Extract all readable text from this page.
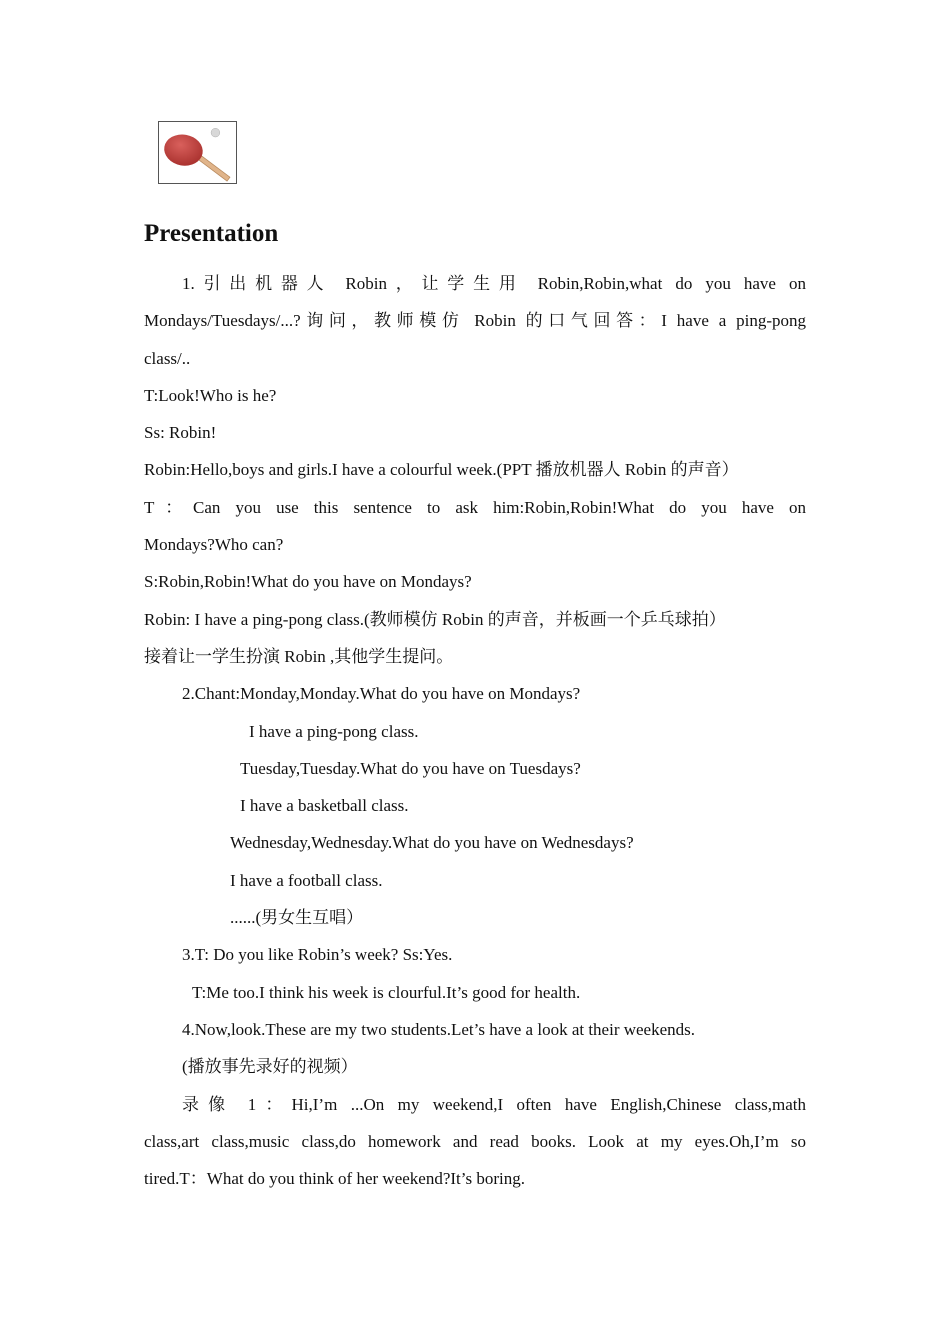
Presentation
1.引出机器人 Robin，让学生用 Robin,Robin,what do you have on
Mondays/Tuesdays/...?询问，教师模仿 Robin 的口气回答：I have a ping-pong
class/..
T:Look!Who is he?
Ss: Robin!
Robin:Hello,boys and girls.I have a colourful week.(PPT 播放机器人 Robin 的声音）
T：Can you use this sentence to ask him:Robin,Robin!What do you have on
Mondays?Who can?
S:Robin,Robin!What do you have on Mondays?
Robin: I have a ping-pong class.(教师模仿 Robin 的声音，并板画一个乒乓球拍）
接着让一学生扮演 Robin ,其他学生提问。
2.Chant:Monday,Monday.What do you have on Mondays?
I have a ping-pong class.
Tuesday,Tuesday.What do you have on Tuesdays?
I have a basketball class.
Wednesday,Wednesday.What do you have on Wednesdays?
I have a football class.
......(男女生互唱）
3.T: Do you like Robin’s week? Ss:Yes.
T:Me too.I think his week is clourful.It’s good for health.
4.Now,look.These are my two students.Let’s have a look at their weekends.
(播放事先录好的视频）
录像 1：Hi,I’m ...On my weekend,I often have English,Chinese class,math
class,art class,music class,do homework and read books. Look at my eyes.Oh,I’m so
tired.T：What do you think of her weekend?It’s boring.
